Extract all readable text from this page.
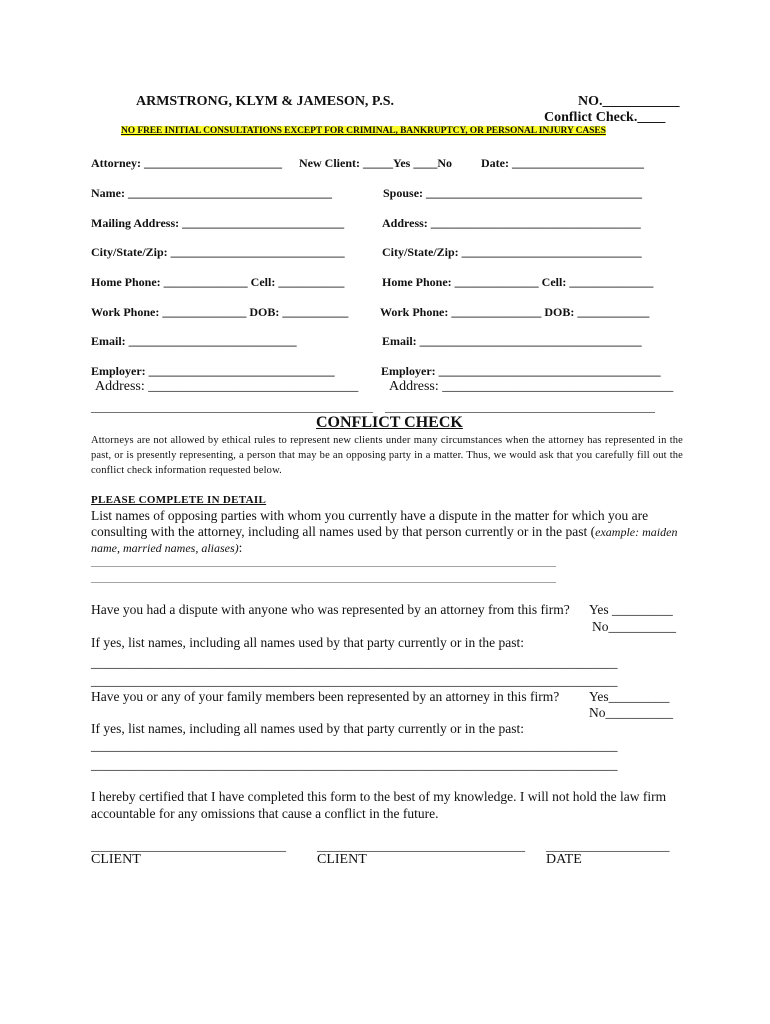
ARMSTRONG, KLYM & JAMESON, P.S.	NO.___________
Conflict Check.____
NO FREE INITIAL CONSULTATIONS EXCEPT FOR CRIMINAL, BANKRUPTCY, OR PERSONAL INJURY CASES
Attorney: _______________________ New Client: _____Yes ____No Date: ______________________
Name: __________________________________	Spouse: ____________________________________
Mailing Address: ___________________________	Address: ___________________________________
City/State/Zip: _____________________________	City/State/Zip: ______________________________
Home Phone: ______________ Cell: ___________	Home Phone: ______________ Cell: ______________
Work Phone: ______________ DOB: ___________	Work Phone: _______________ DOB: ____________
Email: ____________________________	Email: _____________________________________
Employer: _______________________________	Employer: _____________________________________
Address: ______________________________ Address: _________________________________
_______________________________________________ _____________________________________________
CONFLICT CHECK
Attorneys are not allowed by ethical rules to represent new clients under many circumstances when the attorney has represented in the past, or is presently representing, a person that may be an opposing party in a matter. Thus, we would ask that you carefully fill out the conflict check information requested below.
PLEASE COMPLETE IN DETAIL
List names of opposing parties with whom you currently have a dispute in the matter for which you are consulting with the attorney, including all names used by that person currently or in the past (example: maiden name, married names, aliases):
_____________________________________________________________________________________________
_____________________________________________________________________________________________
Have you had a dispute with anyone who was represented by an attorney from this firm? Yes _________
No__________
If yes, list names, including all names used by that party currently or in the past:
______________________________________________________________________________
______________________________________________________________________________
Have you or any of your family members been represented by an attorney in this firm? Yes_________
No__________
If yes, list names, including all names used by that party currently or in the past:
______________________________________________________________________________
______________________________________________________________________________
I hereby certified that I have completed this form to the best of my knowledge. I will not hold the law firm accountable for any omissions that cause a conflict in the future.
______________________________ ________________________________ ___________________
CLIENT	CLIENT	DATE
